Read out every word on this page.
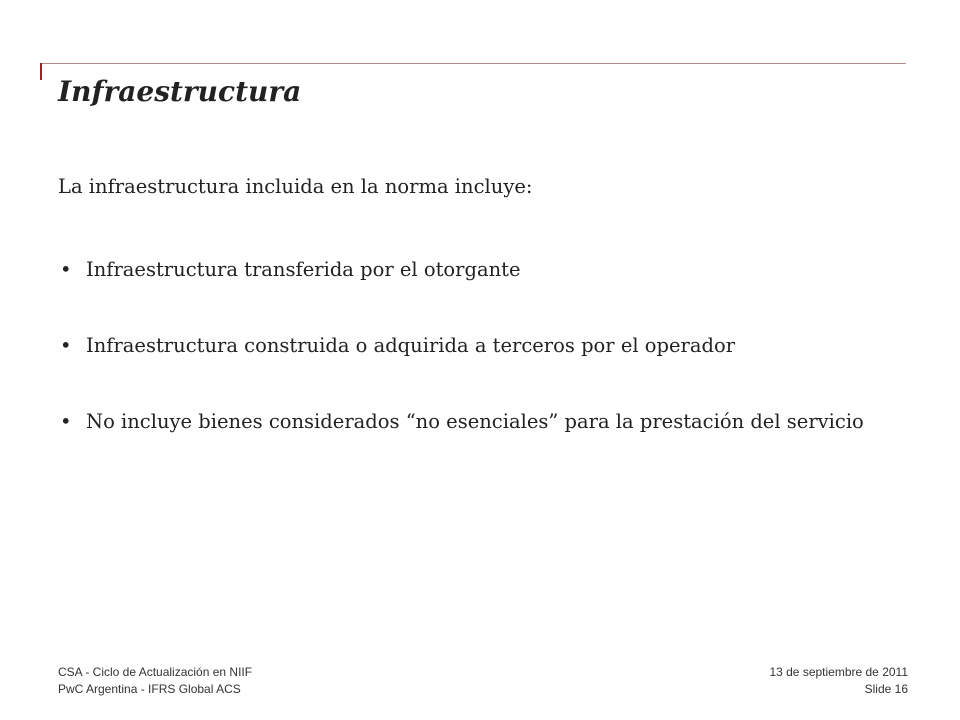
Infraestructura

La infraestructura incluida en la norma incluye:

• Infraestructura transferida por el otorgante
• Infraestructura construida o adquirida a terceros por el operador
• No incluye bienes considerados “no esenciales” para la prestación del servicio
CSA - Ciclo de Actualización en NIIF
PwC Argentina - IFRS Global ACS
13 de septiembre de 2011
Slide 16
